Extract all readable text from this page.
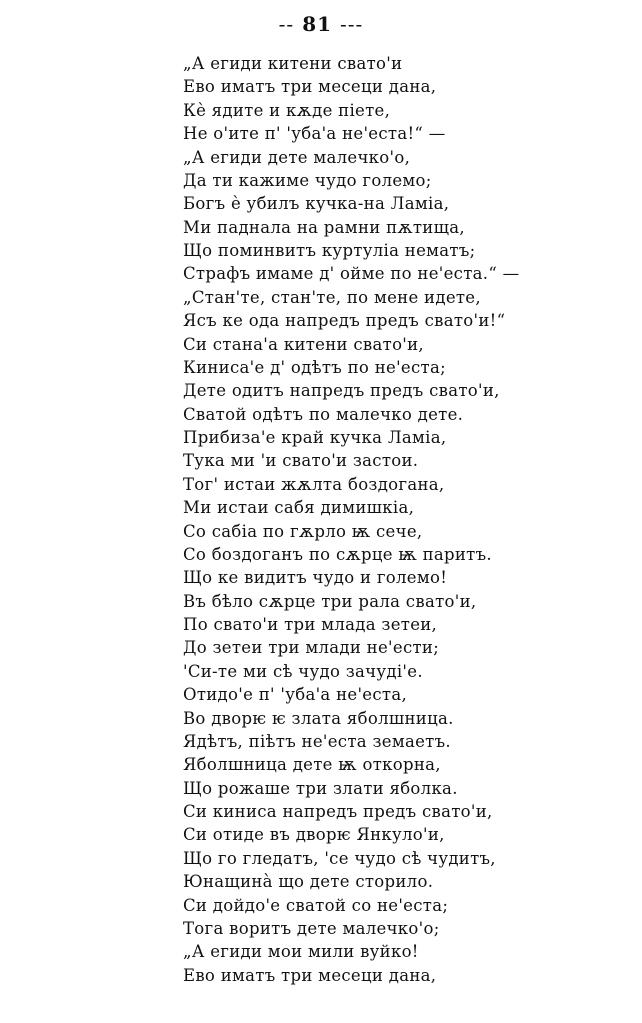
-- 81 ---
„А егиди китени свато'и
Ево иматъ три месеци дана,
Кѐ ядите и кѫде піете,
Не о'ите п' 'уба'а не'еста!“ —
„А егиди дете малечко'о,
Да ти кажиме чудо големо;
Богъ ѐ убилъ кучка-на Ламіа,
Ми паднала на рамни пѫтища,
Що поминвитъ куртуліа нематъ;
Страфъ имаме д' ойме по не'еста.“ —
„Стан'те, стан'те, по мене идете,
Ясъ ке ода напредъ предъ свато'и!“
Си стана'а китени свато'и,
Киниса'е д' одѣтъ по не'еста;
Дете одитъ напредъ предъ свато'и,
Сватой одѣтъ по малечко дете.
Прибиза'е край кучка Ламіа,
Тука ми 'и свато'и застои.
Тог' истаи жѫлта боздогана,
Ми истаи сабя димишкіа,
Со сабіа по гѫрло ѭ сече,
Со боздоганъ по сѫрце ѭ паритъ.
Що ке видитъ чудо и големо!
Въ бѣло сѫрце три рала свато'и,
По свато'и три млада зетеи,
До зетеи три млади не'ести;
'Си-те ми сѣ чудо зачуді'е.
Отидо'е п' 'уба'а не'еста,
Во дворѥ ѥ злата яболшница.
Ядѣтъ, піѣтъ не'еста земаетъ.
Яболшница дете ѭ откорна,
Що рожаше три злати яболка.
Си киниса напредъ предъ свато'и,
Си отиде въ дворѥ Янкуло'и,
Що го гледатъ, 'се чудо сѣ чудитъ,
Юнащинà що дете сторило.
Си дойдо'е сватой со не'еста;
Тога воритъ дете малечко'о;
„А егиди мои мили вуйко!
Ево иматъ три месеци дана,
